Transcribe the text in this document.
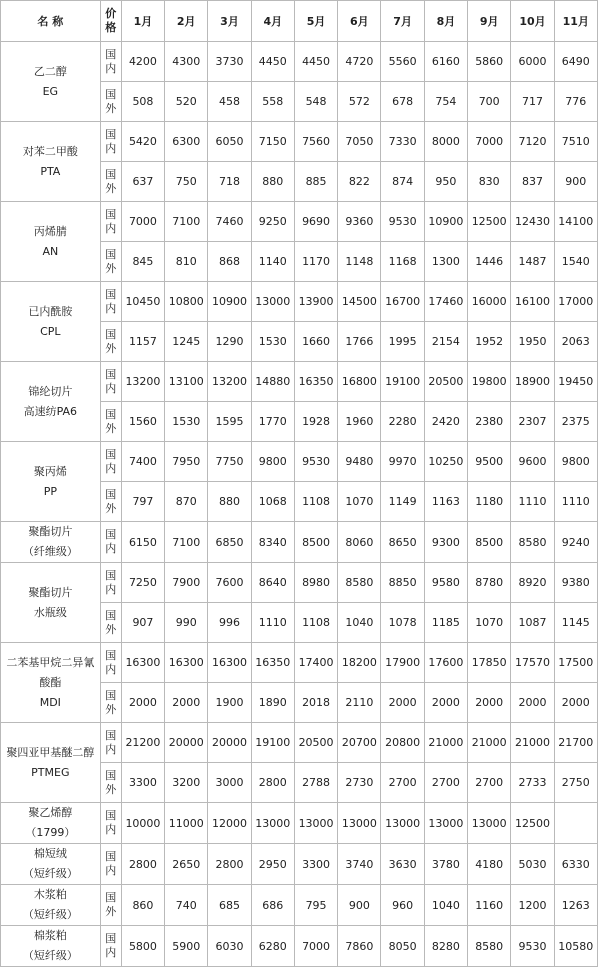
名 称	价格	1月	2月	3月	4月	5月	6月	7月	8月	9月	10月	11月

乙二醇
EG	国内	4200	4300	3730	4450	4450	4720	5560	6160	5860	6000	6490
	国外	508	520	458	558	548	572	678	754	700	717	776

对苯二甲酸
PTA	国内	5420	6300	6050	7150	7560	7050	7330	8000	7000	7120	7510
	国外	637	750	718	880	885	822	874	950	830	837	900

丙烯腈
AN	国内	7000	7100	7460	9250	9690	9360	9530	10900	12500	12430	14100
	国外	845	810	868	1140	1170	1148	1168	1300	1446	1487	1540

已内酰胺
CPL	国内	10450	10800	10900	13000	13900	14500	16700	17460	16000	16100	17000
	国外	1157	1245	1290	1530	1660	1766	1995	2154	1952	1950	2063

锦纶切片
高速纺PA6	国内	13200	13100	13200	14880	16350	16800	19100	20500	19800	18900	19450
	国外	1560	1530	1595	1770	1928	1960	2280	2420	2380	2307	2375

聚丙烯
PP	国内	7400	7950	7750	9800	9530	9480	9970	10250	9500	9600	9800
	国外	797	870	880	1068	1108	1070	1149	1163	1180	1110	1110

聚酯切片
（纤维级）	国内	6150	7100	6850	8340	8500	8060	8650	9300	8500	8580	9240

聚酯切片
水瓶级	国内	7250	7900	7600	8640	8980	8580	8850	9580	8780	8920	9380
	国外	907	990	996	1110	1108	1040	1078	1185	1070	1087	1145

二苯基甲烷二异氰酸酯
MDI	国内	16300	16300	16300	16350	17400	18200	17900	17600	17850	17570	17500
	国外	2000	2000	1900	1890	2018	2110	2000	2000	2000	2000	2000

聚四亚甲基醚二醇
PTMEG	国内	21200	20000	20000	19100	20500	20700	20800	21000	21000	21000	21700
	国外	3300	3200	3000	2800	2788	2730	2700	2700	2700	2733	2750

聚乙烯醇
（1799）	国内	10000	11000	12000	13000	13000	13000	13000	13000	13000	12500	

棉短绒
（短纤级）	国内	2800	2650	2800	2950	3300	3740	3630	3780	4180	5030	6330

木浆粕
（短纤级）	国外	860	740	685	686	795	900	960	1040	1160	1200	1263

棉浆粕
（短纤级）	国内	5800	5900	6030	6280	7000	7860	8050	8280	8580	9530	10580
